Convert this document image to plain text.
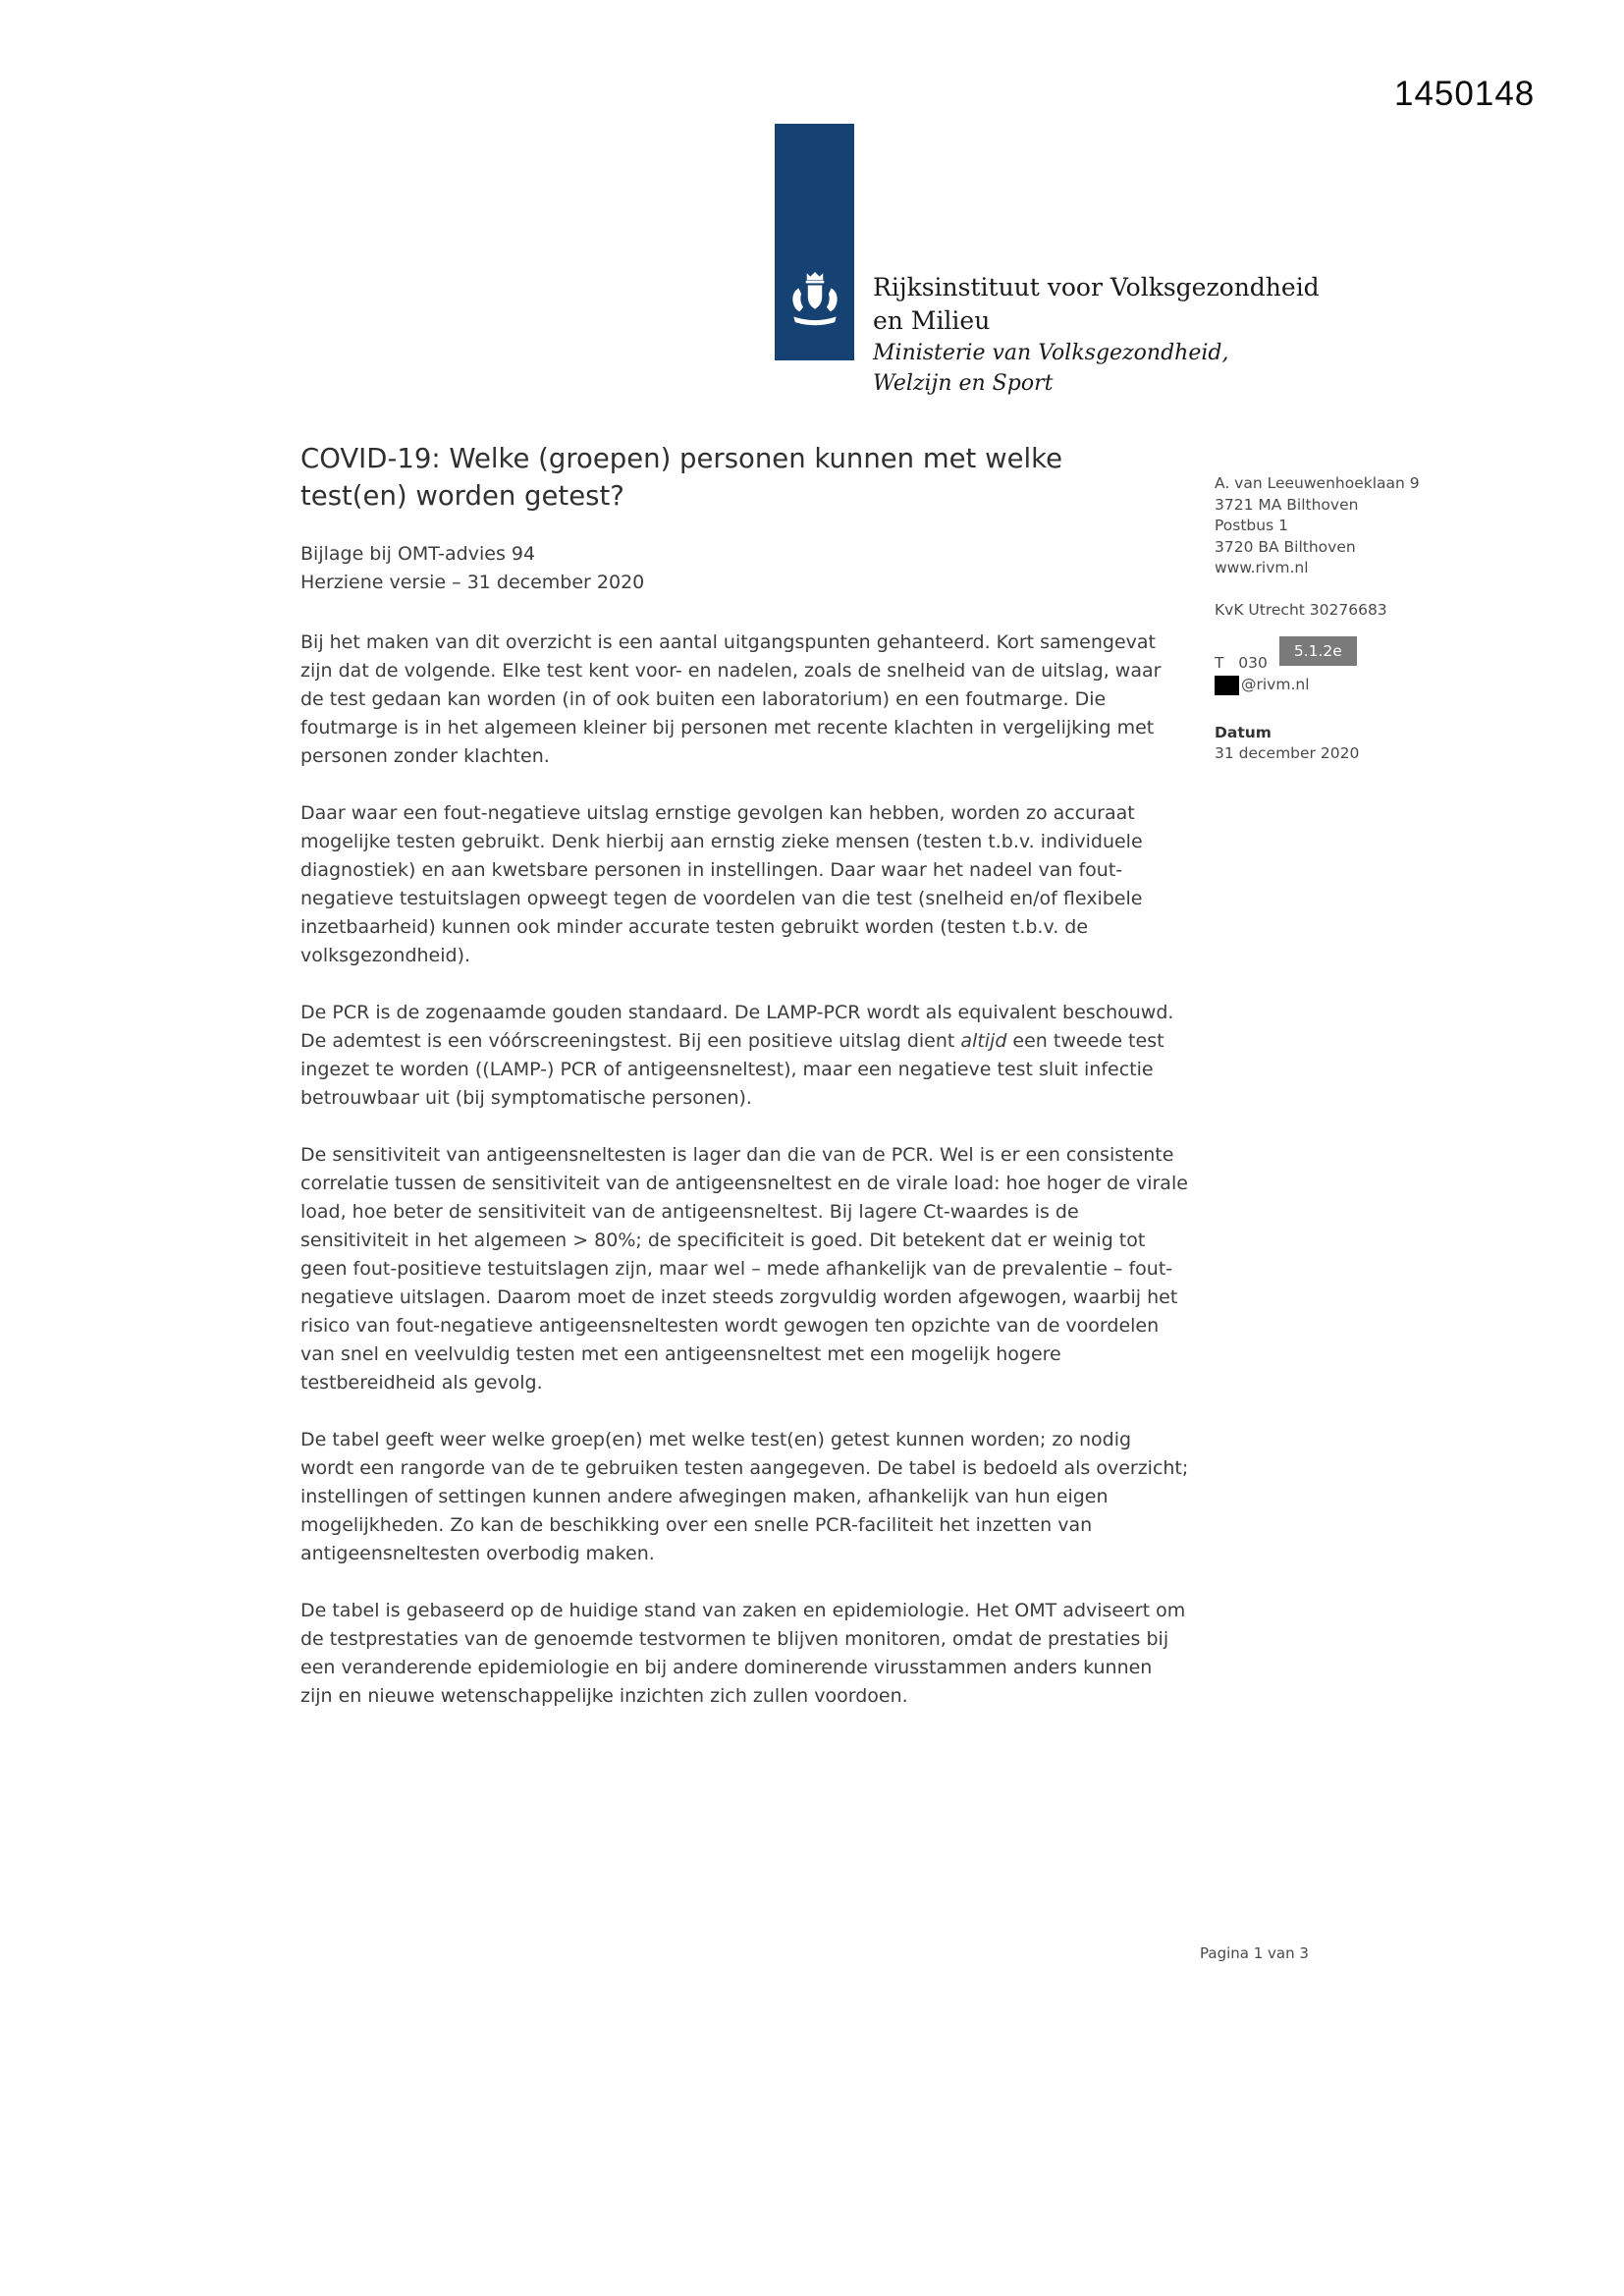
1450148
Rijksinstituut voor Volksgezondheid
en Milieu
Ministerie van Volksgezondheid,
Welzijn en Sport
COVID-19: Welke (groepen) personen kunnen met welke test(en) worden getest?
Bijlage bij OMT-advies 94
Herziene versie – 31 december 2020

Bij het maken van dit overzicht is een aantal uitgangspunten gehanteerd. Kort samengevat zijn dat de volgende. Elke test kent voor- en nadelen, zoals de snelheid van de uitslag, waar de test gedaan kan worden (in of ook buiten een laboratorium) en een foutmarge. Die foutmarge is in het algemeen kleiner bij personen met recente klachten in vergelijking met personen zonder klachten.

Daar waar een fout-negatieve uitslag ernstige gevolgen kan hebben, worden zo accuraat mogelijke testen gebruikt. Denk hierbij aan ernstig zieke mensen (testen t.b.v. individuele diagnostiek) en aan kwetsbare personen in instellingen. Daar waar het nadeel van fout-negatieve testuitslagen opweegt tegen de voordelen van die test (snelheid en/of flexibele inzetbaarheid) kunnen ook minder accurate testen gebruikt worden (testen t.b.v. de volksgezondheid).

De PCR is de zogenaamde gouden standaard. De LAMP-PCR wordt als equivalent beschouwd. De ademtest is een vóórscreeningstest. Bij een positieve uitslag dient altijd een tweede test ingezet te worden ((LAMP-) PCR of antigeensneltest), maar een negatieve test sluit infectie betrouwbaar uit (bij symptomatische personen).

De sensitiviteit van antigeensneltesten is lager dan die van de PCR. Wel is er een consistente correlatie tussen de sensitiviteit van de antigeensneltest en de virale load: hoe hoger de virale load, hoe beter de sensitiviteit van de antigeensneltest. Bij lagere Ct-waardes is de sensitiviteit in het algemeen > 80%; de specificiteit is goed. Dit betekent dat er weinig tot geen fout-positieve testuitslagen zijn, maar wel – mede afhankelijk van de prevalentie – fout-negatieve uitslagen. Daarom moet de inzet steeds zorgvuldig worden afgewogen, waarbij het risico van fout-negatieve antigeensneltesten wordt gewogen ten opzichte van de voordelen van snel en veelvuldig testen met een antigeensneltest met een mogelijk hogere testbereidheid als gevolg.

De tabel geeft weer welke groep(en) met welke test(en) getest kunnen worden; zo nodig wordt een rangorde van de te gebruiken testen aangegeven. De tabel is bedoeld als overzicht; instellingen of settingen kunnen andere afwegingen maken, afhankelijk van hun eigen mogelijkheden. Zo kan de beschikking over een snelle PCR-faciliteit het inzetten van antigeensneltesten overbodig maken.

De tabel is gebaseerd op de huidige stand van zaken en epidemiologie. Het OMT adviseert om de testprestaties van de genoemde testvormen te blijven monitoren, omdat de prestaties bij een veranderende epidemiologie en bij andere dominerende virusstammen anders kunnen zijn en nieuwe wetenschappelijke inzichten zich zullen voordoen.

A. van Leeuwenhoeklaan 9
3721 MA Bilthoven
Postbus 1
3720 BA Bilthoven
www.rivm.nl
KvK Utrecht 30276683
T   030
5.1.2e
@rivm.nl
Datum
31 december 2020
Pagina 1 van 3
